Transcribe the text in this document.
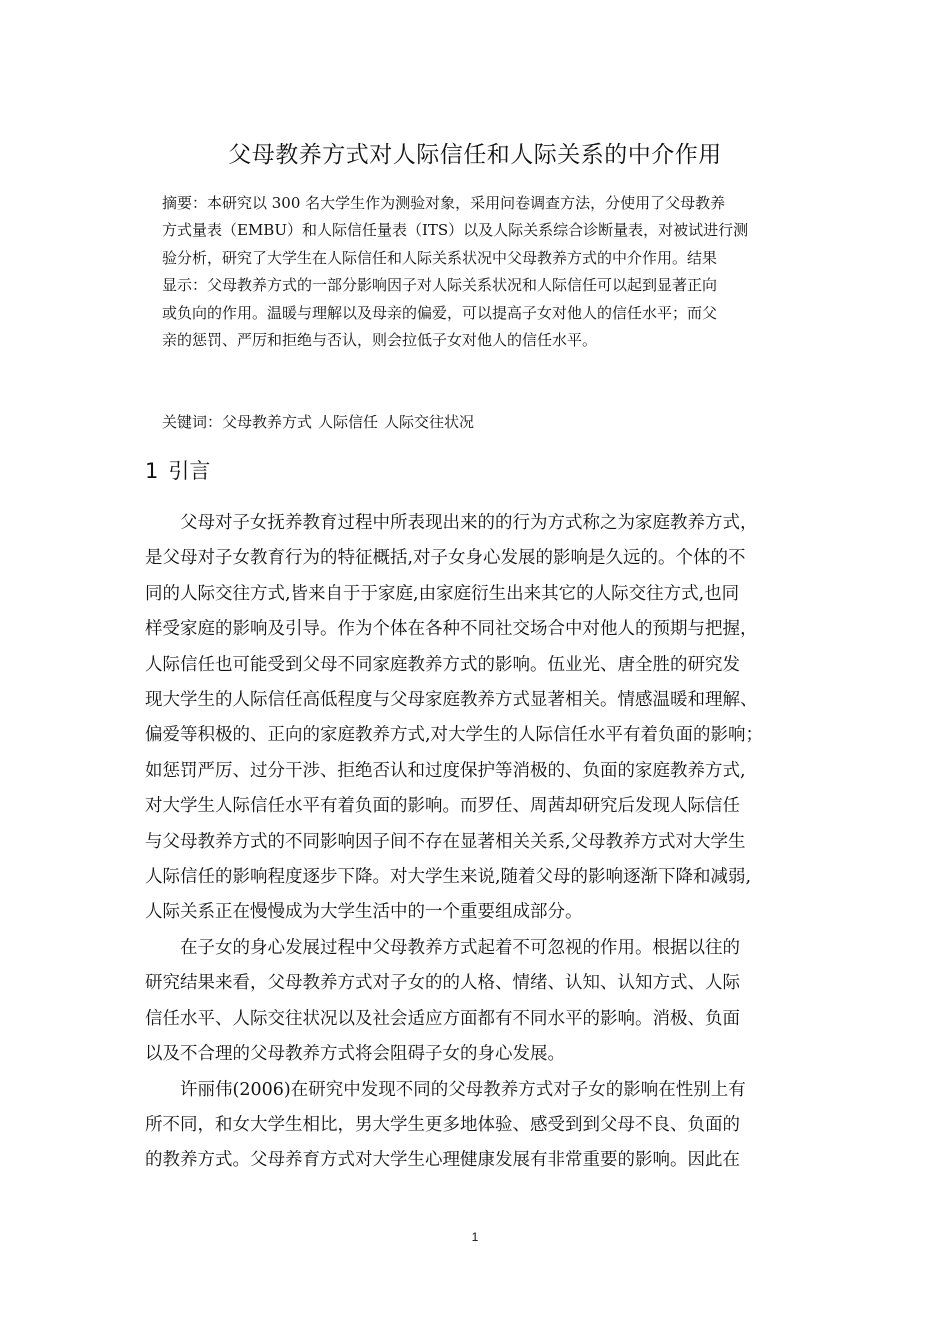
父母教养方式对人际信任和人际关系的中介作用
摘要：本研究以 300 名大学生作为测验对象，采用问卷调查方法，分使用了父母教养
方式量表（EMBU）和人际信任量表（ITS）以及人际关系综合诊断量表，对被试进行测
验分析，研究了大学生在人际信任和人际关系状况中父母教养方式的中介作用。结果
显示：父母教养方式的一部分影响因子对人际关系状况和人际信任可以起到显著正向
或负向的作用。温暖与理解以及母亲的偏爱，可以提高子女对他人的信任水平；而父
亲的惩罚、严厉和拒绝与否认，则会拉低子女对他人的信任水平。
关键词：父母教养方式 人际信任 人际交往状况
1 引言
　　父母对子女抚养教育过程中所表现出来的的行为方式称之为家庭教养方式，
是父母对子女教育行为的特征概括,对子女身心发展的影响是久远的。个体的不
同的人际交往方式,皆来自于于家庭,由家庭衍生出来其它的人际交往方式,也同
样受家庭的影响及引导。作为个体在各种不同社交场合中对他人的预期与把握，
人际信任也可能受到父母不同家庭教养方式的影响。伍业光、唐全胜的研究发
现大学生的人际信任高低程度与父母家庭教养方式显著相关。情感温暖和理解、
偏爱等积极的、正向的家庭教养方式,对大学生的人际信任水平有着负面的影响；
如惩罚严厉、过分干涉、拒绝否认和过度保护等消极的、负面的家庭教养方式,
对大学生人际信任水平有着负面的影响。而罗任、周茜却研究后发现人际信任
与父母教养方式的不同影响因子间不存在显著相关关系,父母教养方式对大学生
人际信任的影响程度逐步下降。对大学生来说,随着父母的影响逐渐下降和减弱,
人际关系正在慢慢成为大学生活中的一个重要组成部分。
　　在子女的身心发展过程中父母教养方式起着不可忽视的作用。根据以往的
研究结果来看，父母教养方式对子女的的人格、情绪、认知、认知方式、人际
信任水平、人际交往状况以及社会适应方面都有不同水平的影响。消极、负面
以及不合理的父母教养方式将会阻碍子女的身心发展。
　　许丽伟(2006)在研究中发现不同的父母教养方式对子女的影响在性别上有
所不同，和女大学生相比，男大学生更多地体验、感受到到父母不良、负面的
的教养方式。父母养育方式对大学生心理健康发展有非常重要的影响。因此在
1
